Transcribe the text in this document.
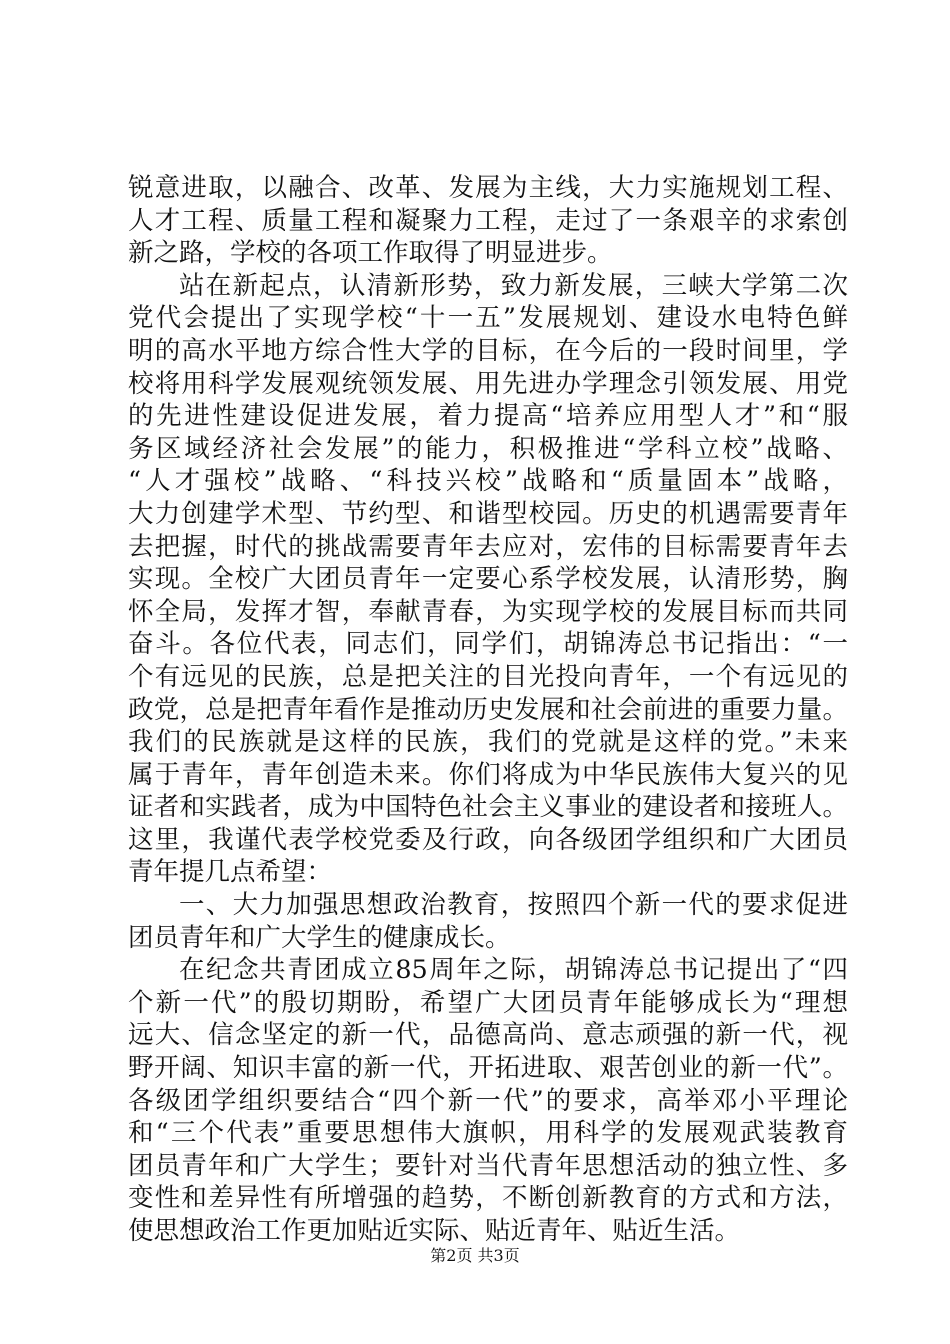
锐意进取，以融合、改革、发展为主线，大力实施规划工程、
人才工程、质量工程和凝聚力工程，走过了一条艰辛的求索创
新之路，学校的各项工作取得了明显进步。
站在新起点，认清新形势，致力新发展，三峡大学第二次
党代会提出了实现学校“十一五”发展规划、建设水电特色鲜
明的高水平地方综合性大学的目标，在今后的一段时间里，学
校将用科学发展观统领发展、用先进办学理念引领发展、用党
的先进性建设促进发展，着力提高“培养应用型人才”和“服
务区域经济社会发展”的能力，积极推进“学科立校”战略、
“人才强校”战略、“科技兴校”战略和“质量固本”战略，
大力创建学术型、节约型、和谐型校园。历史的机遇需要青年
去把握，时代的挑战需要青年去应对，宏伟的目标需要青年去
实现。全校广大团员青年一定要心系学校发展，认清形势，胸
怀全局，发挥才智，奉献青春，为实现学校的发展目标而共同
奋斗。各位代表，同志们，同学们，胡锦涛总书记指出：“一
个有远见的民族，总是把关注的目光投向青年，一个有远见的
政党，总是把青年看作是推动历史发展和社会前进的重要力量。
我们的民族就是这样的民族，我们的党就是这样的党。”未来
属于青年，青年创造未来。你们将成为中华民族伟大复兴的见
证者和实践者，成为中国特色社会主义事业的建设者和接班人。
这里，我谨代表学校党委及行政，向各级团学组织和广大团员
青年提几点希望：
一、大力加强思想政治教育，按照四个新一代的要求促进
团员青年和广大学生的健康成长。
在纪念共青团成立85周年之际，胡锦涛总书记提出了“四
个新一代”的殷切期盼，希望广大团员青年能够成长为“理想
远大、信念坚定的新一代，品德高尚、意志顽强的新一代，视
野开阔、知识丰富的新一代，开拓进取、艰苦创业的新一代”。
各级团学组织要结合“四个新一代”的要求，高举邓小平理论
和“三个代表”重要思想伟大旗帜，用科学的发展观武装教育
团员青年和广大学生；要针对当代青年思想活动的独立性、多
变性和差异性有所增强的趋势，不断创新教育的方式和方法，
使思想政治工作更加贴近实际、贴近青年、贴近生活。
第2页 共3页
